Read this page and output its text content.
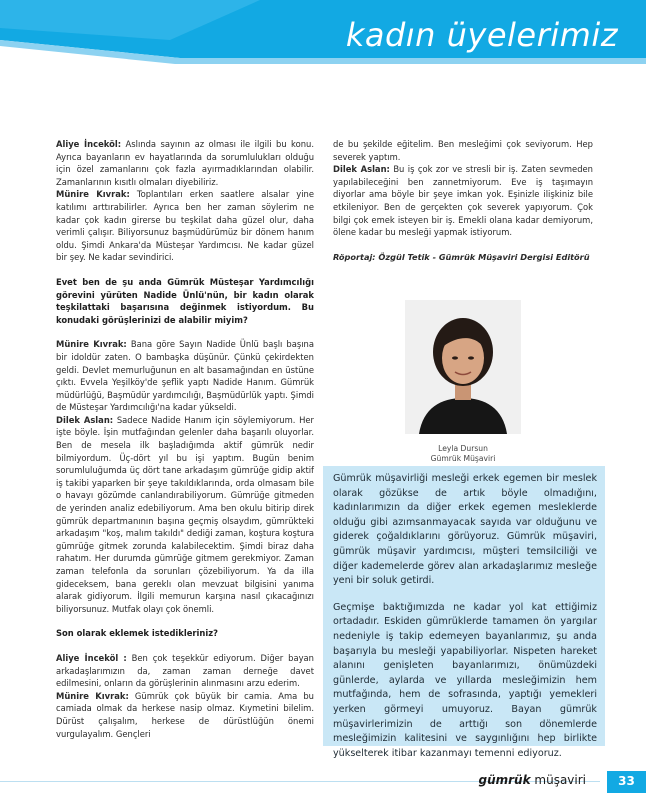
kadın üyelerimiz

Aliye İnceköl: Aslında sayının az olması ile ilgili bu konu. Ayrıca bayanların ev hayatlarında da sorumlulukları olduğu için özel zamanlarını çok fazla ayırmadıklarından olabilir. Zamanlarının kısıtlı olmaları diyebiliriz.

Münire Kıvrak: Toplantıları erken saatlere alsalar yine katılımı arttırabilirler. Ayrıca ben her zaman söylerim ne kadar çok kadın girerse bu teşkilat daha güzel olur, daha verimli çalışır. Biliyorsunuz başmüdürümüz bir dönem hanım oldu. Şimdi Ankara'da Müsteşar Yardımcısı. Ne kadar güzel bir şey. Ne kadar sevindirici.

Evet ben de şu anda Gümrük Müsteşar Yardımcılığı görevini yürüten Nadide Ünlü'nün, bir kadın olarak teşkilattaki başarısına değinmek istiyordum. Bu konudaki görüşlerinizi de alabilir miyim?

Münire Kıvrak: Bana göre Sayın Nadide Ünlü başlı başına bir idoldür zaten. O bambaşka düşünür. Çünkü çekirdekten geldi. Devlet memurluğunun en alt basamağından en üstüne çıktı. Evvela Yeşilköy'de şeflik yaptı Nadide Hanım. Gümrük müdürlüğü, Başmüdür yardımcılığı, Başmüdürlük yaptı. Şimdi de Müsteşar Yardımcılığı'na kadar yükseldi.

Dilek Aslan: Sadece Nadide Hanım için söylemiyorum. Her işte böyle. İşin mutfağından gelenler daha başarılı oluyorlar. Ben de mesela ilk başladığımda aktif gümrük nedir bilmiyordum. Üç-dört yıl bu işi yaptım. Bugün benim sorumluluğumda üç dört tane arkadaşım gümrüğe gidip aktif iş takibi yaparken bir şeye takıldıklarında, orda olmasam bile o havayı gözümde canlandırabiliyorum. Gümrüğe gitmeden de yerinden analiz edebiliyorum. Ama ben okulu bitirip direk gümrük departmanının başına geçmiş olsaydım, gümrükteki arkadaşım "koş, malım takıldı" dediği zaman, koştura koştura gümrüğe gitmek zorunda kalabilecektim. Şimdi biraz daha rahatım. Her durumda gümrüğe gitmem gerekmiyor. Zaman zaman telefonla da sorunları çözebiliyorum. Ya da illa gideceksem, bana gereklı olan mevzuat bilgisini yanıma alarak gidiyorum. İlgili memurun karşına nasıl çıkacağınızı biliyorsunuz. Mutfak olayı çok önemli.

Son olarak eklemek istedikleriniz?

Aliye İnceköl : Ben çok teşekkür ediyorum. Diğer bayan arkadaşlarımızın da, zaman zaman derneğe davet edilmesini, onların da görüşlerinin alınmasını arzu ederim.

Münire Kıvrak: Gümrük çok büyük bir camia. Ama bu camiada olmak da herkese nasip olmaz. Kıymetini bilelim. Dürüst çalışalım, herkese de dürüstlüğün önemi vurgulayalım. Gençleri

de bu şekilde eğitelim. Ben mesleğimi çok seviyorum. Hep severek yaptım.

Dilek Aslan: Bu iş çok zor ve stresli bir iş. Zaten sevmeden yapılabileceğini ben zannetmiyorum. Eve iş taşımayın diyorlar ama böyle bir şeye imkan yok. Eşinizle ilişkiniz bile etkileniyor. Ben de gerçekten çok severek yapıyorum. Çok bilgi çok emek isteyen bir iş. Emekli olana kadar demiyorum, ölene kadar bu mesleği yapmak istiyorum.

Röportaj: Özgül Tetik - Gümrük Müşaviri Dergisi Editörü

Leyla Dursun
Gümrük Müşaviri

Gümrük müşavirliği mesleği erkek egemen bir meslek olarak gözükse de artık böyle olmadığını, kadınlarımızın da diğer erkek egemen mesleklerde olduğu gibi azımsanmayacak sayıda var olduğunu ve giderek çoğaldıklarını görüyoruz. Gümrük müşaviri, gümrük müşavir yardımcısı, müşteri temsilciliği ve diğer kademelerde görev alan arkadaşlarımız mesleğe yeni bir soluk getirdi.

Geçmişe baktığımızda ne kadar yol kat ettiğimiz ortadadır. Eskiden gümrüklerde tamamen ön yargılar nedeniyle iş takip edemeyen bayanlarımız, şu anda başarıyla bu mesleği yapabiliyorlar. Nispeten hareket alanını genişleten bayanlarımızı, önümüzdeki günlerde, aylarda ve yıllarda mesleğimizin hem mutfağında, hem de sofrasında, yaptığı yemekleri yerken görmeyi umuyoruz. Bayan gümrük müşavirlerimizin de arttığı son dönemlerde mesleğimizin kalitesini ve saygınlığını hep birlikte yükselterek itibar kazanmayı temenni ediyoruz.

gümrük müşaviri	33
